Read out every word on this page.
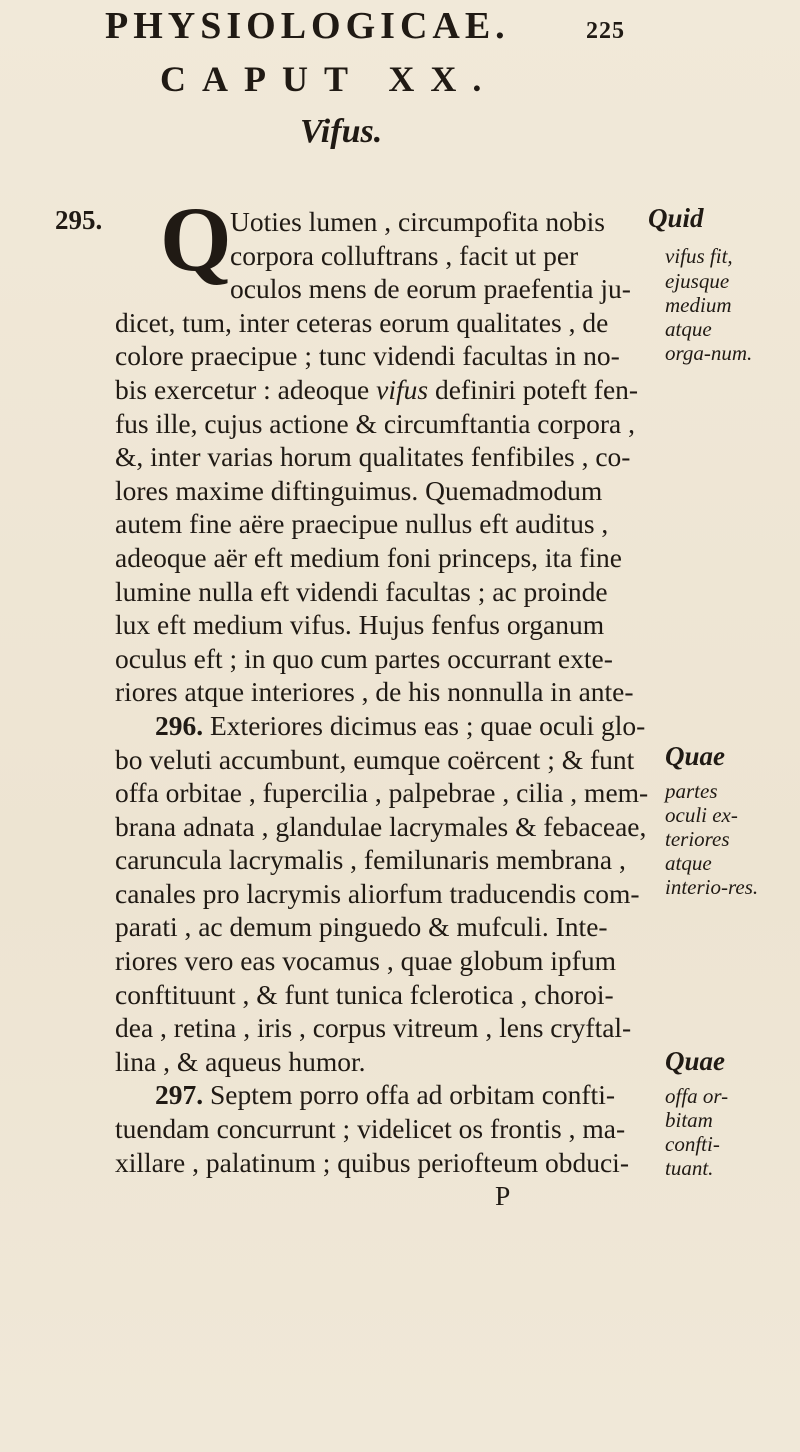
PHYSIOLOGICAE.	225
CAPUT XX.
Vifus.
295. Q
Uoties lumen , circumpofita nobis
corpora colluftrans , facit ut per
oculos mens de eorum praefentia ju-
dicet, tum, inter ceteras eorum qualitates , de
colore praecipue ; tunc videndi facultas in no-
bis exercetur : adeoque vifus definiri poteft fen-
fus ille, cujus actione & circumftantia corpora ,
&, inter varias horum qualitates fenfibiles , co-
lores maxime diftinguimus. Quemadmodum
autem fine aëre praecipue nullus eft auditus ,
adeoque aër eft medium foni princeps, ita fine
lumine nulla eft videndi facultas ; ac proinde
lux eft medium vifus. Hujus fenfus organum
oculus eft ; in quo cum partes occurrant exte-
riores atque interiores , de his nonnulla in ante-
296. Exteriores dicimus eas ; quae oculi glo-
bo veluti accumbunt, eumque coërcent ; & funt
offa orbitae , fupercilia , palpebrae , cilia , mem-
brana adnata , glandulae lacrymales & febaceae,
caruncula lacrymalis , femilunaris membrana ,
canales pro lacrymis aliorfum traducendis com-
parati , ac demum pinguedo & mufculi. Inte-
riores vero eas vocamus , quae globum ipfum
conftituunt , & funt tunica fclerotica , choroi-
dea , retina , iris , corpus vitreum , lens cryftal-
lina , & aqueus humor.
297. Septem porro offa ad orbitam confti-
tuendam concurrunt ; videlicet os frontis , ma-
xillare , palatinum ; quibus periofteum obduci-
P
Quid
vifus fit,
ejusque
medium
atque
orga-num.
Quae
partes
oculi ex-
teriores
atque
interio-res.
Quae
offa or-
bitam
confti-
tuant.
